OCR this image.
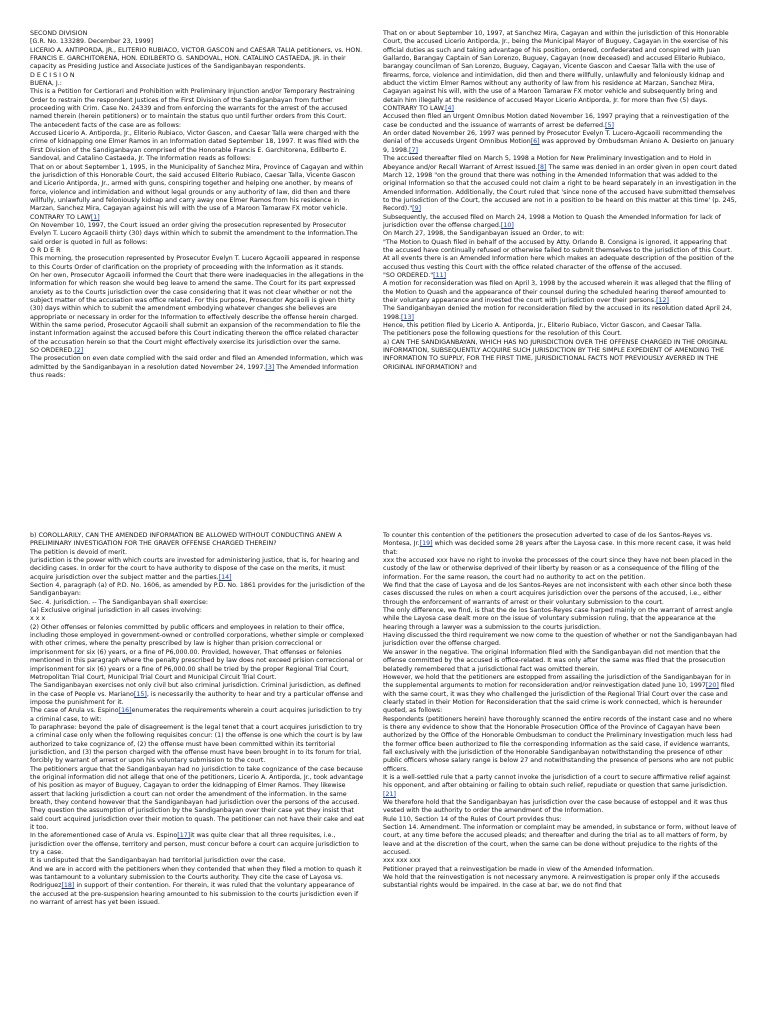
SECOND DIVISION

[G.R. No. 133289. December 23, 1999]

LICERIO A. ANTIPORDA, JR., ELITERIO RUBIACO, VICTOR GASCON and CAESAR TALIA petitioners, vs. HON. FRANCIS E. GARCHITORENA, HON. EDILBERTO G. SANDOVAL, HON. CATALINO CASTAEDA, JR. in their capacity as Presiding Justice and Associate Justices of the Sandiganbayan respondents.

D E C I S I O N

BUENA, J.:

This is a Petition for Certiorari and Prohibition with Preliminary Injunction and/or Temporary Restraining Order to restrain the respondent Justices of the First Division of the Sandiganbayan from further proceeding with Crim. Case No. 24339 and from enforcing the warrants for the arrest of the accused named therein (herein petitioners) or to maintain the status quo until further orders from this Court.

The antecedent facts of the case are as follows:

Accused Licerio A. Antiporda, Jr., Eliterio Rubiaco, Victor Gascon, and Caesar Talla were charged with the crime of kidnapping one Elmer Ramos in an Information dated September 18, 1997. It was filed with the First Division of the Sandiganbayan comprised of the Honorable Francis E. Garchitorena, Edilberto E. Sandoval, and Catalino Castaeda, Jr. The Information reads as follows:

That on or about September 1, 1995, in the Municipality of Sanchez Mira, Province of Cagayan and within the jurisdiction of this Honorable Court, the said accused Eliterio Rubiaco, Caesar Talla, Vicente Gascon and Licerio Antiporda, Jr., armed with guns, conspiring together and helping one another, by means of force, violence and intimidation and without legal grounds or any authority of law, did then and there willfully, unlawfully and feloniously kidnap and carry away one Elmer Ramos from his residence in Marzan, Sanchez Mira, Cagayan against his will with the use of a Maroon Tamaraw FX motor vehicle.

CONTRARY TO LAW[1]

On November 10, 1997, the Court issued an order giving the prosecution represented by Prosecutor Evelyn T. Lucero Agcaoili thirty (30) days within which to submit the amendment to the Information.The said order is quoted in full as follows:

O R D E R

This morning, the prosecution represented by Prosecutor Evelyn T. Lucero Agcaoili appeared in response to this Courts Order of clarification on the propriety of proceeding with the Information as it stands.

On her own, Prosecutor Agcaoili informed the Court that there were inadequacies in the allegations in the Information for which reason she would beg leave to amend the same. The Court for its part expressed anxiety as to the Courts jurisdiction over the case considering that it was not clear whether or not the subject matter of the accusation was office related. For this purpose, Prosecutor Agcaoili is given thirty (30) days within which to submit the amendment embodying whatever changes she believes are appropriate or necessary in order for the Information to effectively describe the offense herein charged. Within the same period, Prosecutor Agcaoili shall submit an expansion of the recommendation to file the instant Information against the accused before this Court indicating thereon the office related character of the accusation herein so that the Court might effectively exercise its jurisdiction over the same.

SO ORDERED.[2]

The prosecution on even date complied with the said order and filed an Amended Information, which was admitted by the Sandiganbayan in a resolution dated November 24, 1997.[3] The Amended Information thus reads:

That on or about September 10, 1997, at Sanchez Mira, Cagayan and within the jurisdiction of this Honorable Court, the accused Licerio Antiporda, Jr., being the Municipal Mayor of Buguey, Cagayan in the exercise of his official duties as such and taking advantage of his position, ordered, confederated and conspired with Juan Gallardo, Barangay Captain of San Lorenzo, Buguey, Cagayan (now deceased) and accused Eliterio Rubiaco, barangay councilman of San Lorenzo, Buguey, Cagayan, Vicente Gascon and Caesar Talla with the use of firearms, force, violence and intimidation, did then and there willfully, unlawfully and feloniously kidnap and abduct the victim Elmer Ramos without any authority of law from his residence at Marzan, Sanchez Mira, Cagayan against his will, with the use of a Maroon Tamaraw FX motor vehicle and subsequently bring and detain him illegally at the residence of accused Mayor Licerio Antiporda, Jr. for more than five (5) days.

CONTRARY TO LAW.[4]

Accused then filed an Urgent Omnibus Motion dated November 16, 1997 praying that a reinvestigation of the case be conducted and the issuance of warrants of arrest be deferred.[5]

An order dated November 26, 1997 was penned by Prosecutor Evelyn T. Lucero-Agcaoili recommending the denial of the accuseds Urgent Omnibus Motion[6] was approved by Ombudsman Aniano A. Desierto on January 9, 1998.[7]

The accused thereafter filed on March 5, 1998 a Motion for New Preliminary Investigation and to Hold in Abeyance and/or Recall Warrant of Arrest Issued.[8] The same was denied in an order given in open court dated March 12, 1998 "on the ground that there was nothing in the Amended Information that was added to the original Information so that the accused could not claim a right to be heard separately in an investigation in the Amended Information. Additionally, the Court ruled that 'since none of the accused have submitted themselves to the jurisdiction of the Court, the accused are not in a position to be heard on this matter at this time' (p. 245, Record)."[9]

Subsequently, the accused filed on March 24, 1998 a Motion to Quash the Amended Information for lack of jurisdiction over the offense charged.[10]

On March 27, 1998, the Sandiganbayan issued an Order, to wit:

"The Motion to Quash filed in behalf of the accused by Atty. Orlando B. Consigna is ignored, it appearing that the accused have continually refused or otherwise failed to submit themselves to the jurisdiction of this Court. At all events there is an Amended Information here which makes an adequate description of the position of the accused thus vesting this Court with the office related character of the offense of the accused.

"SO ORDERED."[11]

A motion for reconsideration was filed on April 3, 1998 by the accused wherein it was alleged that the filing of the Motion to Quash and the appearance of their counsel during the scheduled hearing thereof amounted to their voluntary appearance and invested the court with jurisdiction over their persons.[12]

The Sandiganbayan denied the motion for reconsideration filed by the accused in its resolution dated April 24, 1998.[13]

Hence, this petition filed by Licerio A. Antiporda, Jr., Eliterio Rubiaco, Victor Gascon, and Caesar Talla.

The petitioners pose the following questions for the resolution of this Court.

a) CAN THE SANDIGANBAYAN, WHICH HAS NO JURISDICTION OVER THE OFFENSE CHARGED IN THE ORIGINAL INFORMATION, SUBSEQUENTLY ACQUIRE SUCH JURISDICTION BY THE SIMPLE EXPEDIENT OF AMENDING THE INFORMATION TO SUPPLY, FOR THE FIRST TIME, JURISDICTIONAL FACTS NOT PREVIOUSLY AVERRED IN THE ORIGINAL INFORMATION? and

b) COROLLARILY, CAN THE AMENDED INFORMATION BE ALLOWED WITHOUT CONDUCTING ANEW A PRELIMINARY INVESTIGATION FOR THE GRAVER OFFENSE CHARGED THEREIN?

The petition is devoid of merit.

Jurisdiction is the power with which courts are invested for administering justice, that is, for hearing and deciding cases. In order for the court to have authority to dispose of the case on the merits, it must acquire jurisdiction over the subject matter and the parties.[14]

Section 4, paragraph (a) of P.D. No. 1606, as amended by P.D. No. 1861 provides for the jurisdiction of the Sandiganbayan:

Sec. 4. Jurisdiction. -- The Sandiganbayan shall exercise:

(a) Exclusive original jurisdiction in all cases involving:

x x x

(2) Other offenses or felonies committed by public officers and employees in relation to their office, including those employed in government-owned or controlled corporations, whether simple or complexed with other crimes, where the penalty prescribed by law is higher than prision correccional or imprisonment for six (6) years, or a fine of P6,000.00. Provided, however, That offenses or felonies mentioned in this paragraph where the penalty prescribed by law does not exceed prision correccional or imprisonment for six (6) years or a fine of P6,000.00 shall be tried by the proper Regional Trial Court, Metropolitan Trial Court, Municipal Trial Court and Municipal Circuit Trial Court.

The Sandiganbayan exercises not only civil but also criminal jurisdiction. Criminal jurisdiction, as defined in the case of People vs. Mariano[15], is necessarily the authority to hear and try a particular offense and impose the punishment for it.

The case of Arula vs. Espino[16]enumerates the requirements wherein a court acquires jurisdiction to try a criminal case, to wit:

To paraphrase: beyond the pale of disagreement is the legal tenet that a court acquires jurisdiction to try a criminal case only when the following requisites concur: (1) the offense is one which the court is by law authorized to take cognizance of, (2) the offense must have been committed within its territorial jurisdiction, and (3) the person charged with the offense must have been brought in to its forum for trial, forcibly by warrant of arrest or upon his voluntary submission to the court.

The petitioners argue that the Sandiganbayan had no jurisdiction to take cognizance of the case because the original information did not allege that one of the petitioners, Licerio A. Antiporda, Jr., took advantage of his position as mayor of Buguey, Cagayan to order the kidnapping of Elmer Ramos. They likewise assert that lacking jurisdiction a court can not order the amendment of the information. In the same breath, they contend however that the Sandiganbayan had jurisdiction over the persons of the accused.

They question the assumption of jurisdiction by the Sandiganbayan over their case yet they insist that said court acquired jurisdiction over their motion to quash. The petitioner can not have their cake and eat it too.

In the aforementioned case of Arula vs. Espino[17]it was quite clear that all three requisites, i.e., jurisdiction over the offense, territory and person, must concur before a court can acquire jurisdiction to try a case.

It is undisputed that the Sandiganbayan had territorial jurisdiction over the case.

And we are in accord with the petitioners when they contended that when they filed a motion to quash it was tantamount to a voluntary submission to the Courts authority. They cite the case of Layosa vs. Rodriguez[18] in support of their contention. For therein, it was ruled that the voluntary appearance of the accused at the pre-suspension hearing amounted to his submission to the courts jurisdiction even if no warrant of arrest has yet been issued.

To counter this contention of the petitioners the prosecution adverted to case of de los Santos-Reyes vs. Montesa, Jr.[19] which was decided some 28 years after the Layosa case. In this more recent case, it was held that:

xxx the accused xxx have no right to invoke the processes of the court since they have not been placed in the custody of the law or otherwise deprived of their liberty by reason or as a consequence of the filling of the information. For the same reason, the court had no authority to act on the petition.

We find that the case of Layosa and de los Santos-Reyes are not inconsistent with each other since both these cases discussed the rules on when a court acquires jurisdiction over the persons of the accused, i.e., either through the enforcement of warrants of arrest or their voluntary submission to the court.

The only difference, we find, is that the de los Santos-Reyes case harped mainly on the warrant of arrest angle while the Layosa case dealt more on the issue of voluntary submission ruling, that the appearance at the hearing through a lawyer was a submission to the courts jurisdiction.

Having discussed the third requirement we now come to the question of whether or not the Sandiganbayan had jurisdiction over the offense charged.

We answer in the negative. The original Information filed with the Sandiganbayan did not mention that the offense committed by the accused is office-related. It was only after the same was filed that the prosecution belatedly remembered that a jurisdictional fact was omitted therein.

However, we hold that the petitioners are estopped from assailing the jurisdiction of the Sandiganbayan for in the supplemental arguments to motion for reconsideration and/or reinvestigation dated June 10, 1997[20] filed with the same court, it was they who challenged the jurisdiction of the Regional Trial Court over the case and clearly stated in their Motion for Reconsideration that the said crime is work connected, which is hereunder quoted, as follows:

Respondents (petitioners herein) have thoroughly scanned the entire records of the instant case and no where is there any evidence to show that the Honorable Prosecution Office of the Province of Cagayan have been authorized by the Office of the Honorable Ombudsman to conduct the Preliminary Investigation much less had the former office been authorized to file the corresponding Information as the said case, if evidence warrants, fall exclusively with the jurisdiction of the Honorable Sandiganbayan notwithstanding the presence of other public officers whose salary range is below 27 and notwithstanding the presence of persons who are not public officers.

It is a well-settled rule that a party cannot invoke the jurisdiction of a court to secure affirmative relief against his opponent, and after obtaining or failing to obtain such relief, repudiate or question that same jurisdiction.[21]

We therefore hold that the Sandiganbayan has jurisdiction over the case because of estoppel and it was thus vested with the authority to order the amendment of the Information.

Rule 110, Section 14 of the Rules of Court provides thus:

Section 14. Amendment. The information or complaint may be amended, in substance or form, without leave of court, at any time before the accused pleads; and thereafter and during the trial as to all matters of form, by leave and at the discretion of the court, when the same can be done without prejudice to the rights of the accused.

xxx xxx xxx

Petitioner prayed that a reinvestigation be made in view of the Amended Information.

We hold that the reinvestigation is not necessary anymore. A reinvestigation is proper only if the accuseds substantial rights would be impaired. In the case at bar, we do not find that
